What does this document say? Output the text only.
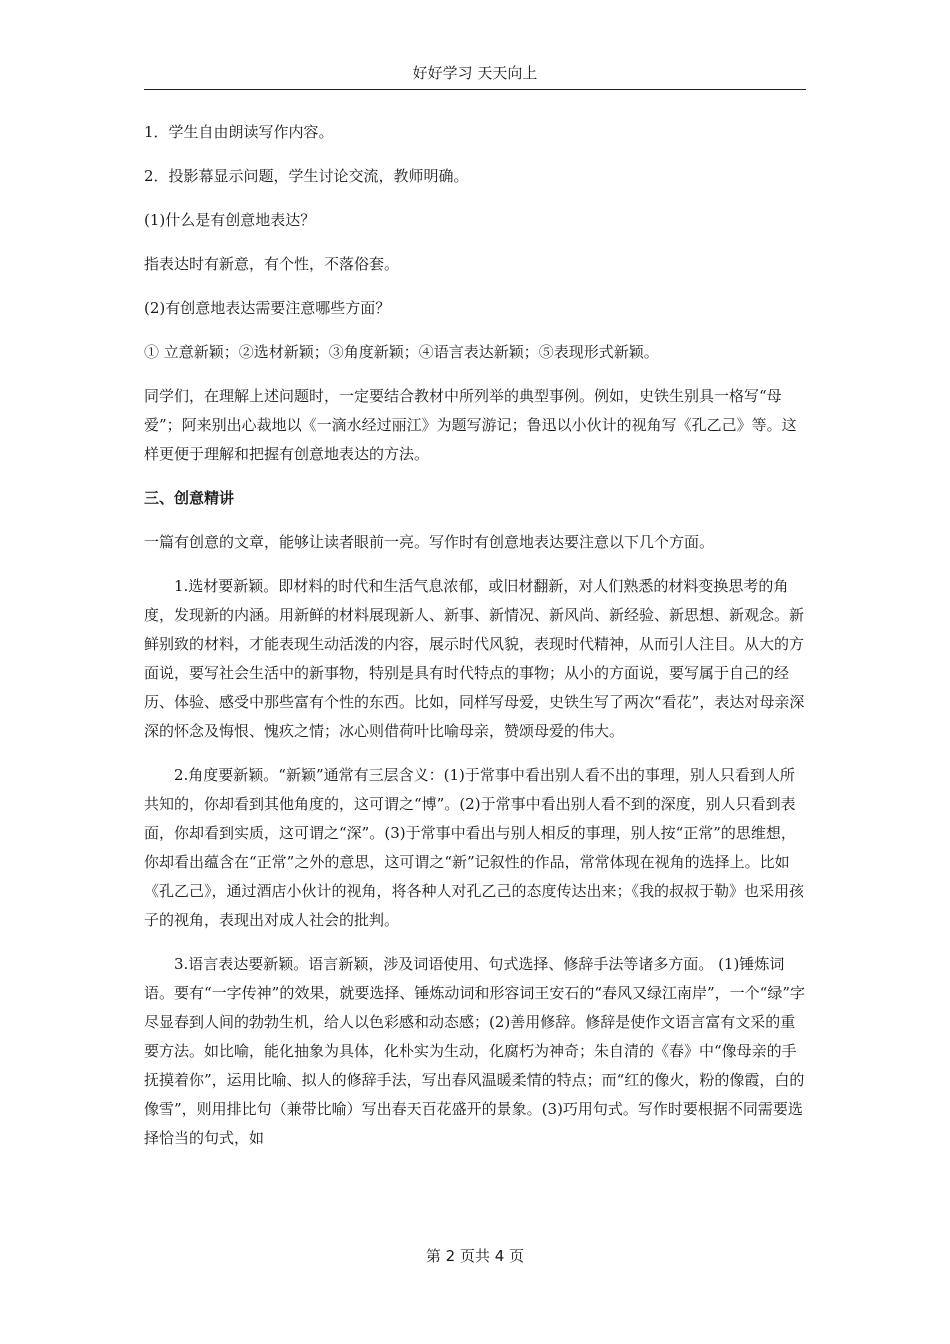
好好学习 天天向上

1．学生自由朗读写作内容。

2．投影幕显示问题，学生讨论交流，教师明确。

(1)什么是有创意地表达？

指表达时有新意，有个性，不落俗套。

(2)有创意地表达需要注意哪些方面？

① 立意新颖；②选材新颖；③角度新颖；④语言表达新颖；⑤表现形式新颖。

同学们，在理解上述问题时，一定要结合教材中所列举的典型事例。例如，史铁生别具一格写“母爱”；阿来别出心裁地以《一滴水经过丽江》为题写游记；鲁迅以小伙计的视角写《孔乙己》等。这样更便于理解和把握有创意地表达的方法。

三、创意精讲

一篇有创意的文章，能够让读者眼前一亮。写作时有创意地表达要注意以下几个方面。

1.选材要新颖。即材料的时代和生活气息浓郁，或旧材翻新，对人们熟悉的材料变换思考的角度，发现新的内涵。用新鲜的材料展现新人、新事、新情况、新风尚、新经验、新思想、新观念。新鲜别致的材料，才能表现生动活泼的内容，展示时代风貌，表现时代精神，从而引人注目。从大的方面说，要写社会生活中的新事物，特别是具有时代特点的事物；从小的方面说，要写属于自己的经历、体验、感受中那些富有个性的东西。比如，同样写母爱，史铁生写了两次“看花”，表达对母亲深深的怀念及悔恨、愧疚之情；冰心则借荷叶比喻母亲，赞颂母爱的伟大。

2.角度要新颖。“新颖”通常有三层含义：(1)于常事中看出别人看不出的事理，别人只看到人所共知的，你却看到其他角度的，这可谓之“博”。(2)于常事中看出别人看不到的深度，别人只看到表面，你却看到实质，这可谓之“深”。(3)于常事中看出与别人相反的事理，别人按“正常”的思维想，你却看出蕴含在“正常”之外的意思，这可谓之“新”记叙性的作品，常常体现在视角的选择上。比如《孔乙己》，通过酒店小伙计的视角，将各种人对孔乙己的态度传达出来；《我的叔叔于勒》也采用孩子的视角，表现出对成人社会的批判。

3.语言表达要新颖。语言新颖，涉及词语使用、句式选择、修辞手法等诸多方面。 (1)锤炼词语。要有“一字传神”的效果，就要选择、锤炼动词和形容词王安石的“春风又绿江南岸”，一个“绿”字尽显春到人间的勃勃生机，给人以色彩感和动态感；(2)善用修辞。修辞是使作文语言富有文采的重要方法。如比喻，能化抽象为具体，化朴实为生动，化腐朽为神奇；朱自清的《春》中“像母亲的手抚摸着你”，运用比喻、拟人的修辞手法，写出春风温暖柔情的特点；而“红的像火，粉的像霞，白的像雪”，则用排比句（兼带比喻）写出春天百花盛开的景象。(3)巧用句式。写作时要根据不同需要选择恰当的句式，如

第 2 页共 4 页
